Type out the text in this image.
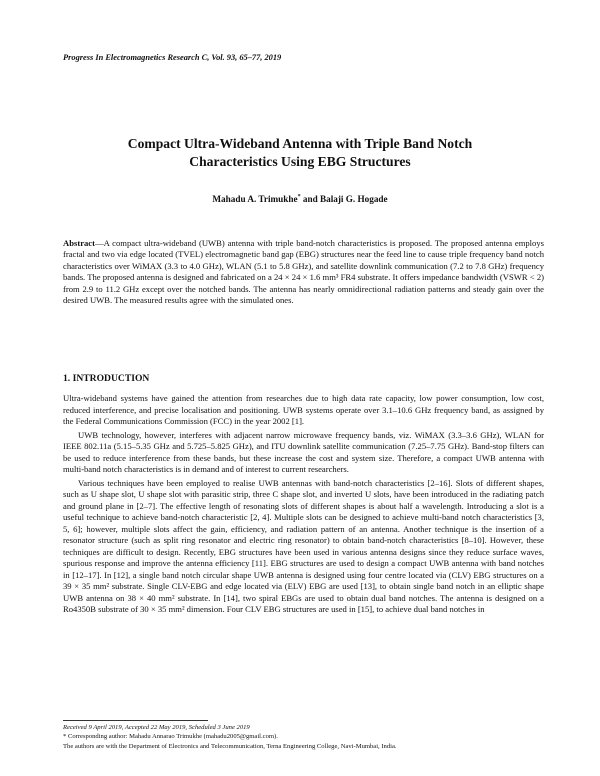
Progress In Electromagnetics Research C, Vol. 93, 65–77, 2019
Compact Ultra-Wideband Antenna with Triple Band Notch
Characteristics Using EBG Structures
Mahadu A. Trimukhe* and Balaji G. Hogade
Abstract—A compact ultra-wideband (UWB) antenna with triple band-notch characteristics is proposed. The proposed antenna employs fractal and two via edge located (TVEL) electromagnetic band gap (EBG) structures near the feed line to cause triple frequency band notch characteristics over WiMAX (3.3 to 4.0 GHz), WLAN (5.1 to 5.8 GHz), and satellite downlink communication (7.2 to 7.8 GHz) frequency bands. The proposed antenna is designed and fabricated on a 24 × 24 × 1.6 mm³ FR4 substrate. It offers impedance bandwidth (VSWR < 2) from 2.9 to 11.2 GHz except over the notched bands. The antenna has nearly omnidirectional radiation patterns and steady gain over the desired UWB. The measured results agree with the simulated ones.
1. INTRODUCTION

Ultra-wideband systems have gained the attention from researches due to high data rate capacity, low power consumption, low cost, reduced interference, and precise localisation and positioning. UWB systems operate over 3.1–10.6 GHz frequency band, as assigned by the Federal Communications Commission (FCC) in the year 2002 [1].

UWB technology, however, interferes with adjacent narrow microwave frequency bands, viz. WiMAX (3.3–3.6 GHz), WLAN for IEEE 802.11a (5.15–5.35 GHz and 5.725–5.825 GHz), and ITU downlink satellite communication (7.25–7.75 GHz). Band-stop filters can be used to reduce interference from these bands, but these increase the cost and system size. Therefore, a compact UWB antenna with multi-band notch characteristics is in demand and of interest to current researchers.

Various techniques have been employed to realise UWB antennas with band-notch characteristics [2–16]. Slots of different shapes, such as U shape slot, U shape slot with parasitic strip, three C shape slot, and inverted U slots, have been introduced in the radiating patch and ground plane in [2–7]. The effective length of resonating slots of different shapes is about half a wavelength. Introducing a slot is a useful technique to achieve band-notch characteristic [2, 4]. Multiple slots can be designed to achieve multi-band notch characteristics [3, 5, 6]; however, multiple slots affect the gain, efficiency, and radiation pattern of an antenna. Another technique is the insertion of a resonator structure (such as split ring resonator and electric ring resonator) to obtain band-notch characteristics [8–10]. However, these techniques are difficult to design. Recently, EBG structures have been used in various antenna designs since they reduce surface waves, spurious response and improve the antenna efficiency [11]. EBG structures are used to design a compact UWB antenna with band notches in [12–17]. In [12], a single band notch circular shape UWB antenna is designed using four centre located via (CLV) EBG structures on a 39 × 35 mm² substrate. Single CLV-EBG and edge located via (ELV) EBG are used [13], to obtain single band notch in an elliptic shape UWB antenna on 38 × 40 mm² substrate. In [14], two spiral EBGs are used to obtain dual band notches. The antenna is designed on a Ro4350B substrate of 30 × 35 mm² dimension. Four CLV EBG structures are used in [15], to achieve dual band notches in

Received 9 April 2019, Accepted 22 May 2019, Scheduled 3 June 2019
* Corresponding author: Mahadu Annarao Trimukhe (mahadu2005@gmail.com).
The authors are with the Department of Electronics and Telecommunication, Terna Engineering College, Navi-Mumbai, India.
